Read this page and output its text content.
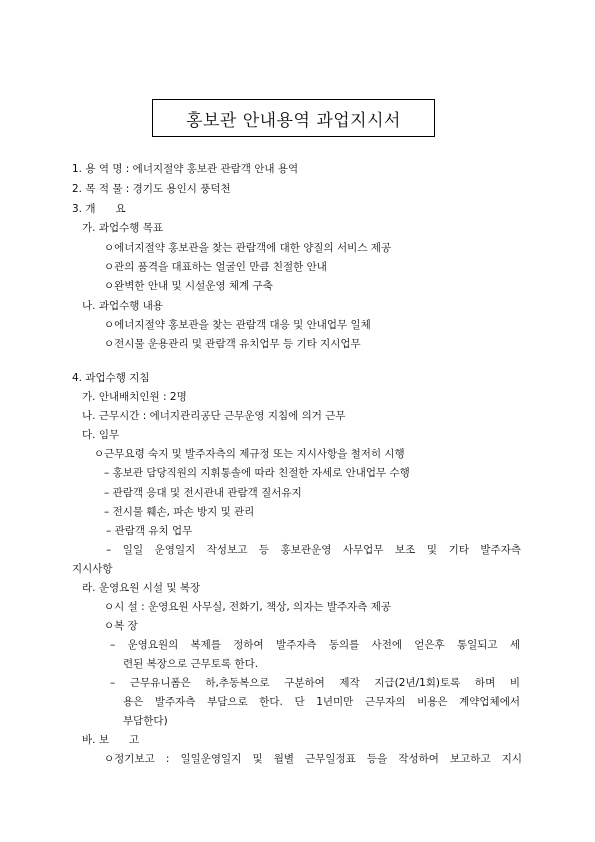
홍보관 안내용역 과업지시서
1. 용 역 명 : 에너지절약 홍보관 관람객 안내 용역
2. 목 적 물 : 경기도 용인시 풍덕천
3. 개      요
가. 과업수행 목표
ㅇ에너지절약 홍보관을 찾는 관람객에 대한 양질의 서비스 제공
ㅇ관의 품격을 대표하는 얼굴인 만큼 친절한 안내
ㅇ완벽한 안내 및 시설운영 체계 구축
나. 과업수행 내용
ㅇ에너지절약 홍보관을 찾는 관람객 대응 및 안내업무 일체
ㅇ전시물 운용관리 및 관람객 유치업무 등 기타 지시업무
4. 과업수행 지침
가. 안내배치인원 : 2명
나. 근무시간 : 에너지관리공단 근무운영 지침에 의거 근무
다. 임무
ㅇ근무요령 숙지 및 발주자측의 제규정 또는 지시사항을 철저히 시행
– 홍보관 담당직원의 지휘통솔에 따라 친절한 자세로 안내업무 수행
– 관람객 응대 및 전시관내 관람객 질서유지
– 전시물 훼손, 파손 방지 및 관리
– 관람객 유치 업무
– 일일 운영일지 작성보고 등 홍보관운영 사무업무 보조 및 기타 발주자측
지시사항
라. 운영요원 시설 및 복장
ㅇ시 설 : 운영요원 사무실, 전화기, 책상, 의자는 발주자측 제공
ㅇ복 장
– 운영요원의 복제를 정하여 발주자측 동의를 사전에 얻은후 통일되고 세
련된 복장으로 근무토록 한다.
– 근무유니폼은 하,추동복으로 구분하여 제작 지급(2년/1회)토록 하며 비
용은 발주자측 부담으로 한다. 단 1년미만 근무자의 비용은 계약업체에서
부담한다)
바. 보      고
ㅇ정기보고 : 일일운영일지 및 월별 근무일정표 등을 작성하여 보고하고 지시
